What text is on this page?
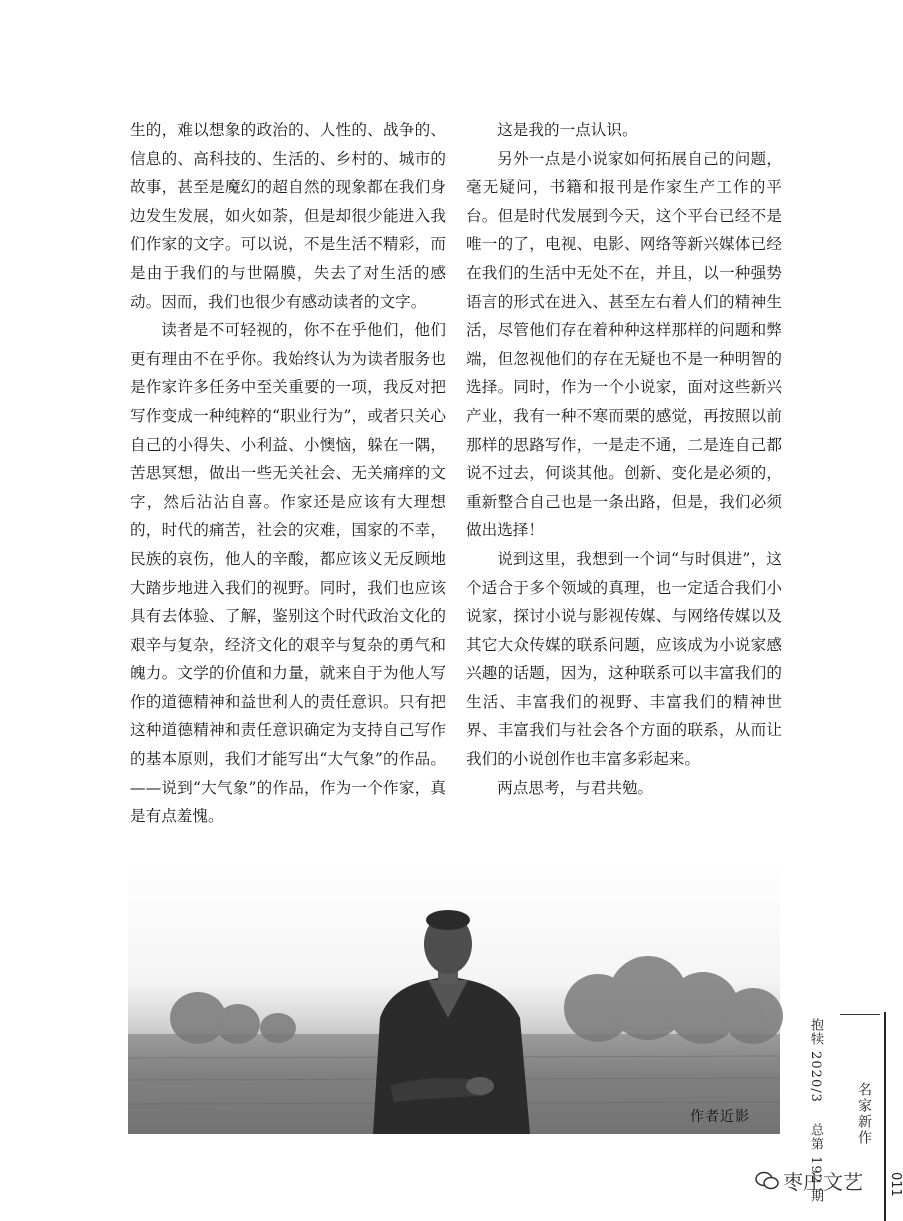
生的，难以想象的政治的、人性的、战争的、信息的、高科技的、生活的、乡村的、城市的故事，甚至是魔幻的超自然的现象都在我们身边发生发展，如火如荼，但是却很少能进入我们作家的文字。可以说，不是生活不精彩，而是由于我们的与世隔膜，失去了对生活的感动。因而，我们也很少有感动读者的文字。

读者是不可轻视的，你不在乎他们，他们更有理由不在乎你。我始终认为为读者服务也是作家许多任务中至关重要的一项，我反对把写作变成一种纯粹的“职业行为”，或者只关心自己的小得失、小利益、小懊恼，躲在一隅，苦思冥想，做出一些无关社会、无关痛痒的文字，然后沾沾自喜。作家还是应该有大理想的，时代的痛苦，社会的灾难，国家的不幸，民族的哀伤，他人的辛酸，都应该义无反顾地大踏步地进入我们的视野。同时，我们也应该具有去体验、了解，鉴别这个时代政治文化的艰辛与复杂，经济文化的艰辛与复杂的勇气和魄力。文学的价值和力量，就来自于为他人写作的道德精神和益世利人的责任意识。只有把这种道德精神和责任意识确定为支持自己写作的基本原则，我们才能写出“大气象”的作品。——说到“大气象”的作品，作为一个作家，真是有点羞愧。

这是我的一点认识。

另外一点是小说家如何拓展自己的问题，毫无疑问，书籍和报刊是作家生产工作的平台。但是时代发展到今天，这个平台已经不是唯一的了，电视、电影、网络等新兴媒体已经在我们的生活中无处不在，并且，以一种强势语言的形式在进入、甚至左右着人们的精神生活，尽管他们存在着种种这样那样的问题和弊端，但忽视他们的存在无疑也不是一种明智的选择。同时，作为一个小说家，面对这些新兴产业，我有一种不寒而栗的感觉，再按照以前那样的思路写作，一是走不通，二是连自己都说不过去，何谈其他。创新、变化是必须的，重新整合自己也是一条出路，但是，我们必须做出选择！

说到这里，我想到一个词“与时俱进”，这个适合于多个领域的真理，也一定适合我们小说家，探讨小说与影视传媒、与网络传媒以及其它大众传媒的联系问题，应该成为小说家感兴趣的话题，因为，这种联系可以丰富我们的生活、丰富我们的视野、丰富我们的精神世界、丰富我们与社会各个方面的联系，从而让我们的小说创作也丰富多彩起来。

两点思考，与君共勉。

作者近影
抱犊 2020/3  总第 192 期
名家新作
011
枣庄文艺
